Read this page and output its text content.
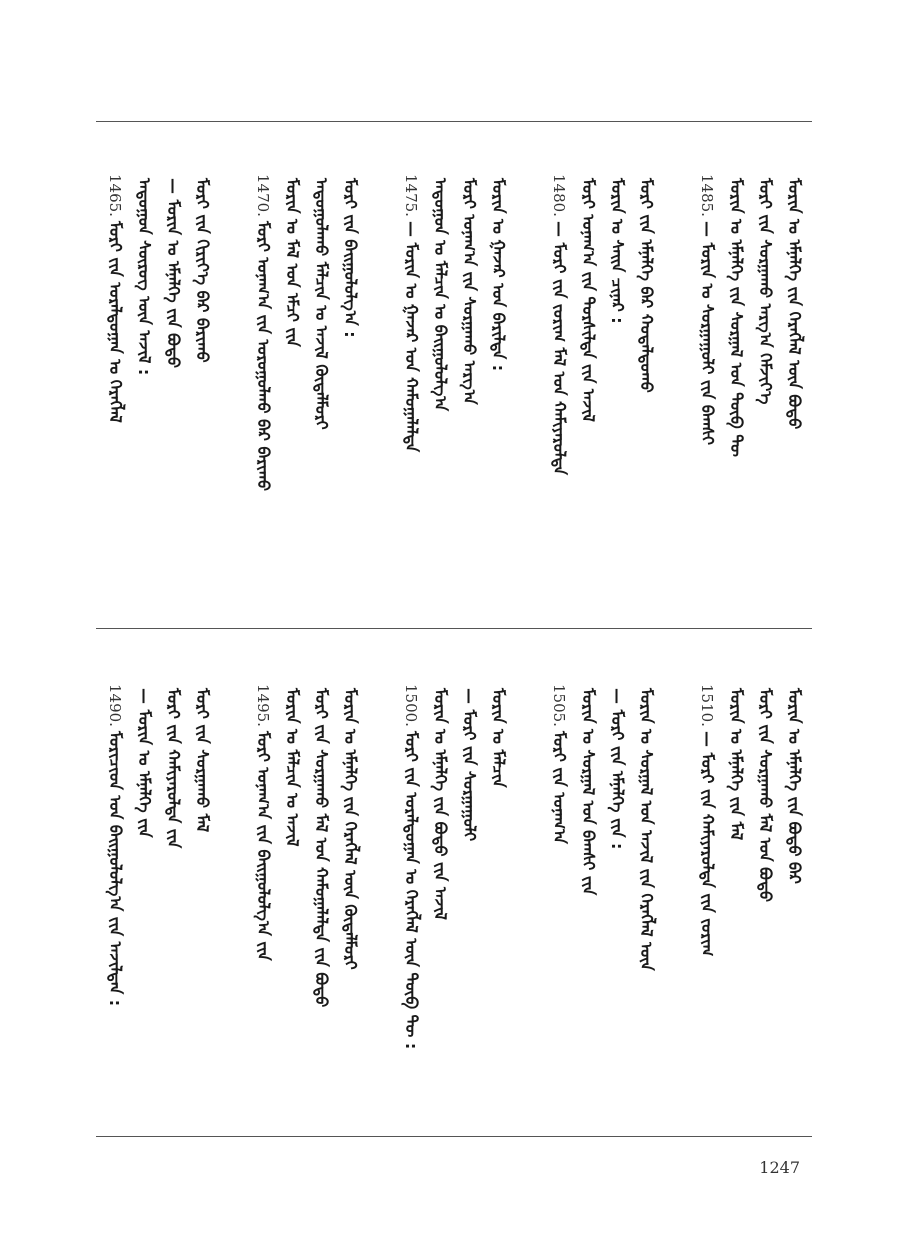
1465.ᠮᠣᠷᠢ ᠶ᠋ᠢᠨ ᠤᠷᠠᠯᠳᠤᠭᠠᠨ ᠤ ᠬᠡᠷᠡᠭᠯᠡᠯ ᠠᠳᠤᠭᠤᠨ ᠰᠦᠷᠦᠭ ᠦᠨ ᠠᠵᠢᠯ : — ᠮᠣᠷᠢᠨ ᠤ ᠡᠮᠨᠡᠯᠭᠡ ᠶ᠋ᠢᠨ ᠪᠣᠳᠣ ᠮᠣᠷᠢ ᠶ᠋ᠢᠨ ᠬᠢᠷᠢᠶ᠎ᠡ ᠪᠡᠷ ᠪᠠᠷᠢᠬᠤ	1470.ᠮᠣᠷᠢ ᠤᠨᠠᠭ᠎ᠠ ᠶ᠋ᠢᠨ ᠣᠷᠤᠭᠤᠯᠬᠤ ᠪᠡᠷ ᠪᠠᠷᠢᠬᠤ ᠮᠣᠷᠢᠨ ᠤ ᠮᠠᠯ ᠤᠨ ᠡᠮᠴᠢ ᠶ᠋ᠢᠨ ᠠᠳᠤᠭᠤᠯᠠᠬᠤ ᠮᠠᠯᠴᠢᠨ ᠤ ᠠᠵᠢᠯ ᠬᠥᠳᠡᠯᠮᠦᠷᠢ ᠮᠣᠷᠢ ᠶ᠋ᠢᠨ ᠪᠠᠢᠭᠤᠯᠤᠯᠭ᠎ᠠ :	1475.— ᠮᠣᠷᠢᠨ ᠤ ᠭᠠᠵᠠᠷ ᠤᠨ ᠬᠠᠮᠤᠭᠠᠯᠠᠯᠲᠠ ᠠᠳᠤᠭᠤᠨ ᠤ ᠮᠠᠯᠴᠢᠨ ᠤ ᠪᠠᠢᠭᠤᠯᠤᠯᠭ᠎ᠠ ᠮᠣᠷᠢ ᠤᠨᠠᠭ᠎ᠠ ᠶ᠋ᠢᠨ ᠰᠤᠷᠭᠠᠬᠤ ᠠᠷᠭ᠎ᠠ ᠮᠣᠷᠢᠨ ᠤ ᠭᠠᠵᠠᠷ ᠤᠨ ᠪᠠᠷᠢᠯᠲᠠ :	1480.— ᠮᠣᠷᠢ ᠶ᠋ᠢᠨ ᠵᠣᠷᠢᠭ ᠮᠠᠯ ᠤᠨ ᠬᠠᠮᠢᠶᠠᠷᠤᠯᠲᠠ ᠮᠣᠷᠢ ᠤᠨᠠᠭ᠎ᠠ ᠶ᠋ᠢᠨ ᠲᠤᠷᠰᠢᠯᠲᠠ ᠶ᠋ᠢᠨ ᠠᠵᠢᠯ ᠮᠣᠷᠢᠨ ᠤ ᠰᠠᠢᠨ ᠴᠢᠨᠠᠷ : ᠮᠣᠷᠢ ᠶ᠋ᠢᠨ ᠡᠮᠨᠡᠯᠭᠡ ᠪᠡᠷ ᠬᠤᠳᠠᠯᠳᠤᠬᠤ	1485.— ᠮᠣᠷᠢᠨ ᠤ ᠰᠤᠷᠭᠠᠭᠤᠯᠢ ᠶ᠋ᠢᠨ ᠪᠠᠭᠰᠢ ᠮᠣᠷᠢᠨ ᠤ ᠡᠮᠨᠡᠯᠭᠡ ᠶ᠋ᠢᠨ ᠰᠤᠷᠭᠠᠯ ᠤᠨ ᠲᠦᠪ ᠲᠦ ᠮᠣᠷᠢ ᠶ᠋ᠢᠨ ᠰᠤᠷᠭᠠᠬᠤ ᠠᠷᠭ᠎ᠠ ᠬᠡᠮᠵᠢᠶ᠎ᠡ ᠮᠣᠷᠢᠨ ᠤ ᠡᠮᠨᠡᠯᠭᠡ ᠶ᠋ᠢᠨ ᠬᠡᠷᠡᠭᠯᠡᠯ ᠦᠨ ᠪᠣᠳᠣ
1490.ᠮᠣᠷᠢᠴᠢᠳ ᠤᠨ ᠪᠠᠢᠭᠤᠯᠤᠯᠭ᠎ᠠ ᠶ᠋ᠢᠨ ᠠᠵᠢᠯᠲᠠᠨ : — ᠮᠣᠷᠢᠨ ᠤ ᠡᠮᠨᠡᠯᠭᠡ ᠶ᠋ᠢᠨ ᠮᠣᠷᠢ ᠶ᠋ᠢᠨ ᠬᠠᠮᠢᠶᠠᠷᠤᠯᠲᠠ ᠶ᠋ᠢᠨ ᠮᠣᠷᠢ ᠶ᠋ᠢᠨ ᠰᠤᠷᠭᠠᠬᠤ ᠮᠠᠯ	1495.ᠮᠣᠷᠢ ᠤᠨᠠᠭ᠎ᠠ ᠶ᠋ᠢᠨ ᠪᠠᠢᠭᠤᠯᠤᠯᠭ᠎ᠠ ᠶ᠋ᠢᠨ ᠮᠣᠷᠢᠨ ᠤ ᠮᠠᠯᠴᠢᠨ ᠤ ᠠᠵᠢᠯ ᠮᠣᠷᠢ ᠶ᠋ᠢᠨ ᠰᠤᠷᠭᠠᠬᠤ ᠮᠠᠯ ᠤᠨ ᠬᠠᠮᠤᠭᠠᠯᠠᠯᠲᠠ ᠶ᠋ᠢᠨ ᠪᠣᠳᠣ ᠮᠣᠷᠢᠨ ᠤ ᠡᠮᠨᠡᠯᠭᠡ ᠶ᠋ᠢᠨ ᠬᠡᠷᠡᠭᠯᠡᠯ ᠦᠨ ᠬᠥᠳᠡᠯᠮᠦᠷᠢ	1500.ᠮᠣᠷᠢ ᠶ᠋ᠢᠨ ᠤᠷᠠᠯᠳᠤᠭᠠᠨ ᠤ ᠬᠡᠷᠡᠭᠯᠡᠯ ᠦᠨ ᠲᠦᠪ ᠲᠦ : ᠮᠣᠷᠢᠨ ᠤ ᠡᠮᠨᠡᠯᠭᠡ ᠶ᠋ᠢᠨ ᠪᠣᠳᠣ ᠶ᠋ᠢᠨ ᠠᠵᠢᠯ — ᠮᠣᠷᠢ ᠶ᠋ᠢᠨ ᠰᠤᠷᠭᠠᠭᠤᠯᠢ ᠮᠣᠷᠢᠨ ᠤ ᠮᠠᠯᠴᠢᠨ	1505.ᠮᠣᠷᠢ ᠶ᠋ᠢᠨ ᠤᠨᠠᠭ᠎ᠠ ᠮᠣᠷᠢᠨ ᠤ ᠰᠤᠷᠭᠠᠯ ᠤᠨ ᠪᠠᠭᠰᠢ ᠶ᠋ᠢᠨ — ᠮᠣᠷᠢ ᠶ᠋ᠢᠨ ᠡᠮᠨᠡᠯᠭᠡ ᠶ᠋ᠢᠨ : ᠮᠣᠷᠢᠨ ᠤ ᠰᠤᠷᠭᠠᠯ ᠤᠨ ᠠᠵᠢᠯ ᠶ᠋ᠢᠨ ᠬᠡᠷᠡᠭᠯᠡᠯ ᠦᠨ	1510.— ᠮᠣᠷᠢ ᠶ᠋ᠢᠨ ᠬᠠᠮᠢᠶᠠᠷᠤᠯᠲᠠ ᠶ᠋ᠢᠨ ᠵᠣᠷᠢᠭ ᠮᠣᠷᠢᠨ ᠤ ᠡᠮᠨᠡᠯᠭᠡ ᠶ᠋ᠢᠨ ᠮᠠᠯ ᠮᠣᠷᠢ ᠶ᠋ᠢᠨ ᠰᠤᠷᠭᠠᠬᠤ ᠮᠠᠯ ᠤᠨ ᠪᠣᠳᠣ ᠮᠣᠷᠢᠨ ᠤ ᠡᠮᠨᠡᠯᠭᠡ ᠶ᠋ᠢᠨ ᠪᠣᠳᠣ ᠪᠡᠷ
1247
